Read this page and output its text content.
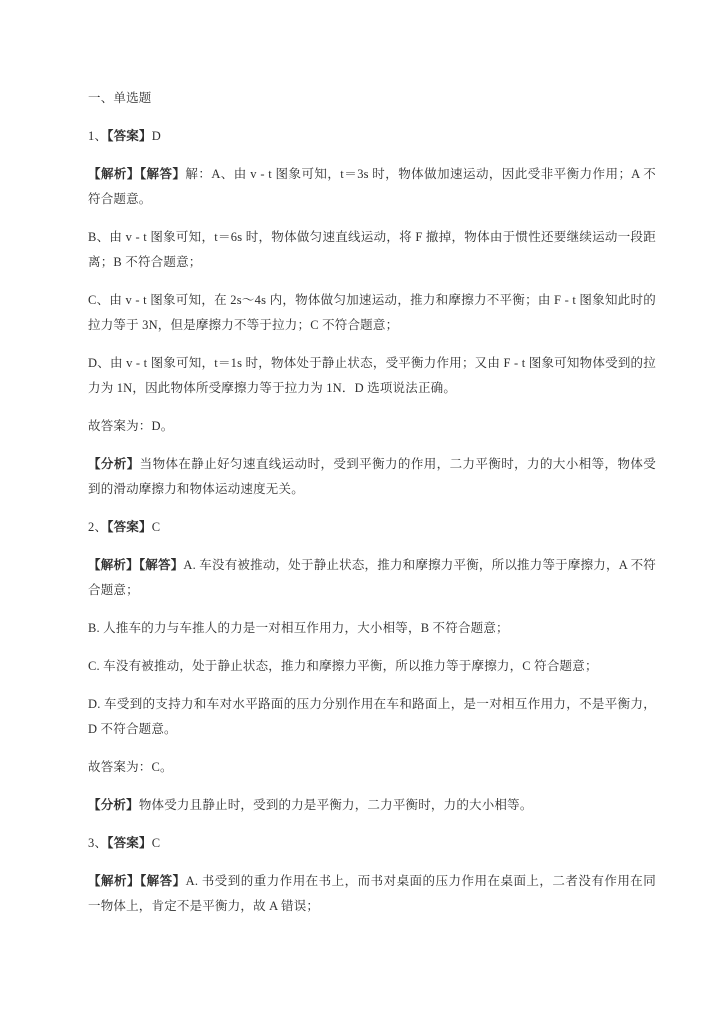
一、单选题

1、【答案】D

【解析】【解答】解：A、由 v - t 图象可知，t＝3s 时，物体做加速运动，因此受非平衡力作用；A 不符合题意。

B、由 v - t 图象可知，t＝6s 时，物体做匀速直线运动，将 F 撤掉，物体由于惯性还要继续运动一段距离；B 不符合题意；

C、由 v - t 图象可知，在 2s～4s 内，物体做匀加速运动，推力和摩擦力不平衡；由 F - t 图象知此时的拉力等于 3N，但是摩擦力不等于拉力；C 不符合题意；

D、由 v - t 图象可知，t＝1s 时，物体处于静止状态，受平衡力作用；又由 F - t 图象可知物体受到的拉力为 1N，因此物体所受摩擦力等于拉力为 1N．D 选项说法正确。

故答案为：D。

【分析】当物体在静止好匀速直线运动时，受到平衡力的作用，二力平衡时，力的大小相等，物体受到的滑动摩擦力和物体运动速度无关。

2、【答案】C

【解析】【解答】A. 车没有被推动，处于静止状态，推力和摩擦力平衡，所以推力等于摩擦力，A 不符合题意；

B. 人推车的力与车推人的力是一对相互作用力，大小相等，B 不符合题意；

C. 车没有被推动，处于静止状态，推力和摩擦力平衡，所以推力等于摩擦力，C 符合题意；

D. 车受到的支持力和车对水平路面的压力分别作用在车和路面上，是一对相互作用力，不是平衡力，D 不符合题意。

故答案为：C。

【分析】物体受力且静止时，受到的力是平衡力，二力平衡时，力的大小相等。

3、【答案】C

【解析】【解答】A. 书受到的重力作用在书上，而书对桌面的压力作用在桌面上，二者没有作用在同一物体上，肯定不是平衡力，故 A 错误；
